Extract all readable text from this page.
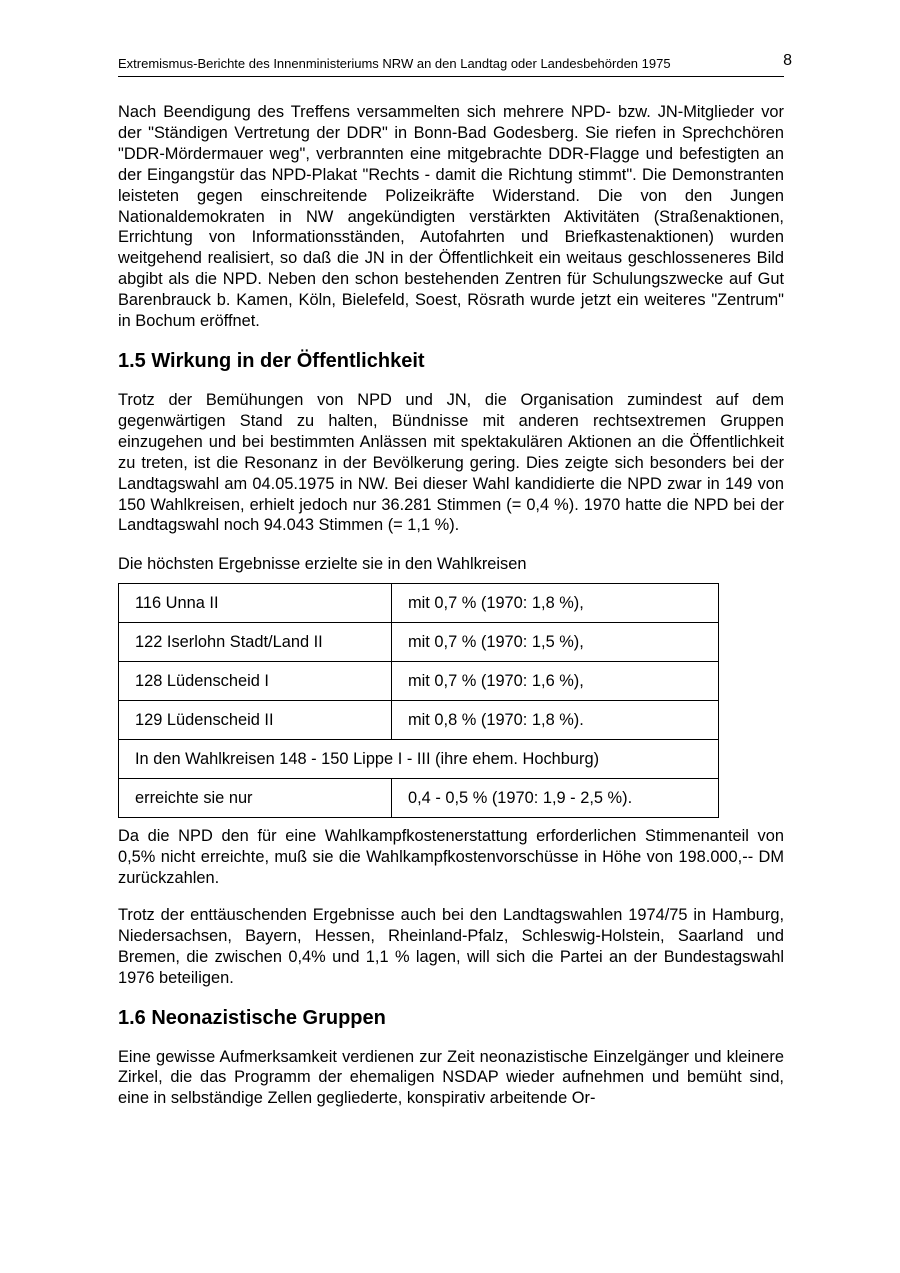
Extremismus-Berichte des Innenministeriums NRW an den Landtag oder Landesbehörden 1975	8

Nach Beendigung des Treffens versammelten sich mehrere NPD- bzw. JN-Mitglieder vor der "Ständigen Vertretung der DDR" in Bonn-Bad Godesberg. Sie riefen in Sprechchören "DDR-Mördermauer weg", verbrannten eine mitgebrachte DDR-Flagge und befestigten an der Eingangstür das NPD-Plakat "Rechts - damit die Richtung stimmt". Die Demonstranten leisteten gegen einschreitende Polizeikräfte Widerstand. Die von den Jungen Nationaldemokraten in NW angekündigten verstärkten Aktivitäten (Straßenaktionen, Errichtung von Informationsständen, Autofahrten und Briefkastenaktionen) wurden weitgehend realisiert, so daß die JN in der Öffentlichkeit ein weitaus geschlosseneres Bild abgibt als die NPD. Neben den schon bestehenden Zentren für Schulungszwecke auf Gut Barenbrauck b. Kamen, Köln, Bielefeld, Soest, Rösrath wurde jetzt ein weiteres "Zentrum" in Bochum eröffnet.

1.5 Wirkung in der Öffentlichkeit

Trotz der Bemühungen von NPD und JN, die Organisation zumindest auf dem gegenwärtigen Stand zu halten, Bündnisse mit anderen rechtsextremen Gruppen einzugehen und bei bestimmten Anlässen mit spektakulären Aktionen an die Öffentlichkeit zu treten, ist die Resonanz in der Bevölkerung gering. Dies zeigte sich besonders bei der Landtagswahl am 04.05.1975 in NW. Bei dieser Wahl kandidierte die NPD zwar in 149 von 150 Wahlkreisen, erhielt jedoch nur 36.281 Stimmen (= 0,4 %). 1970 hatte die NPD bei der Landtagswahl noch 94.043 Stimmen (= 1,1 %).

Die höchsten Ergebnisse erzielte sie in den Wahlkreisen

116 Unna II	mit 0,7 % (1970: 1,8 %),
122 Iserlohn Stadt/Land II	mit 0,7 % (1970: 1,5 %),
128 Lüdenscheid I	mit 0,7 % (1970: 1,6 %),
129 Lüdenscheid II	mit 0,8 % (1970: 1,8 %).
In den Wahlkreisen 148 - 150 Lippe I - III (ihre ehem. Hochburg)	
erreichte sie nur	0,4 - 0,5 % (1970: 1,9 - 2,5 %).

Da die NPD den für eine Wahlkampfkostenerstattung erforderlichen Stimmenanteil von 0,5% nicht erreichte, muß sie die Wahlkampfkostenvorschüsse in Höhe von 198.000,-- DM zurückzahlen.

Trotz der enttäuschenden Ergebnisse auch bei den Landtagswahlen 1974/75 in Hamburg, Niedersachsen, Bayern, Hessen, Rheinland-Pfalz, Schleswig-Holstein, Saarland und Bremen, die zwischen 0,4% und 1,1 % lagen, will sich die Partei an der Bundestagswahl 1976 beteiligen.

1.6 Neonazistische Gruppen

Eine gewisse Aufmerksamkeit verdienen zur Zeit neonazistische Einzelgänger und kleinere Zirkel, die das Programm der ehemaligen NSDAP wieder aufnehmen und bemüht sind, eine in selbständige Zellen gegliederte, konspirativ arbeitende Or-
